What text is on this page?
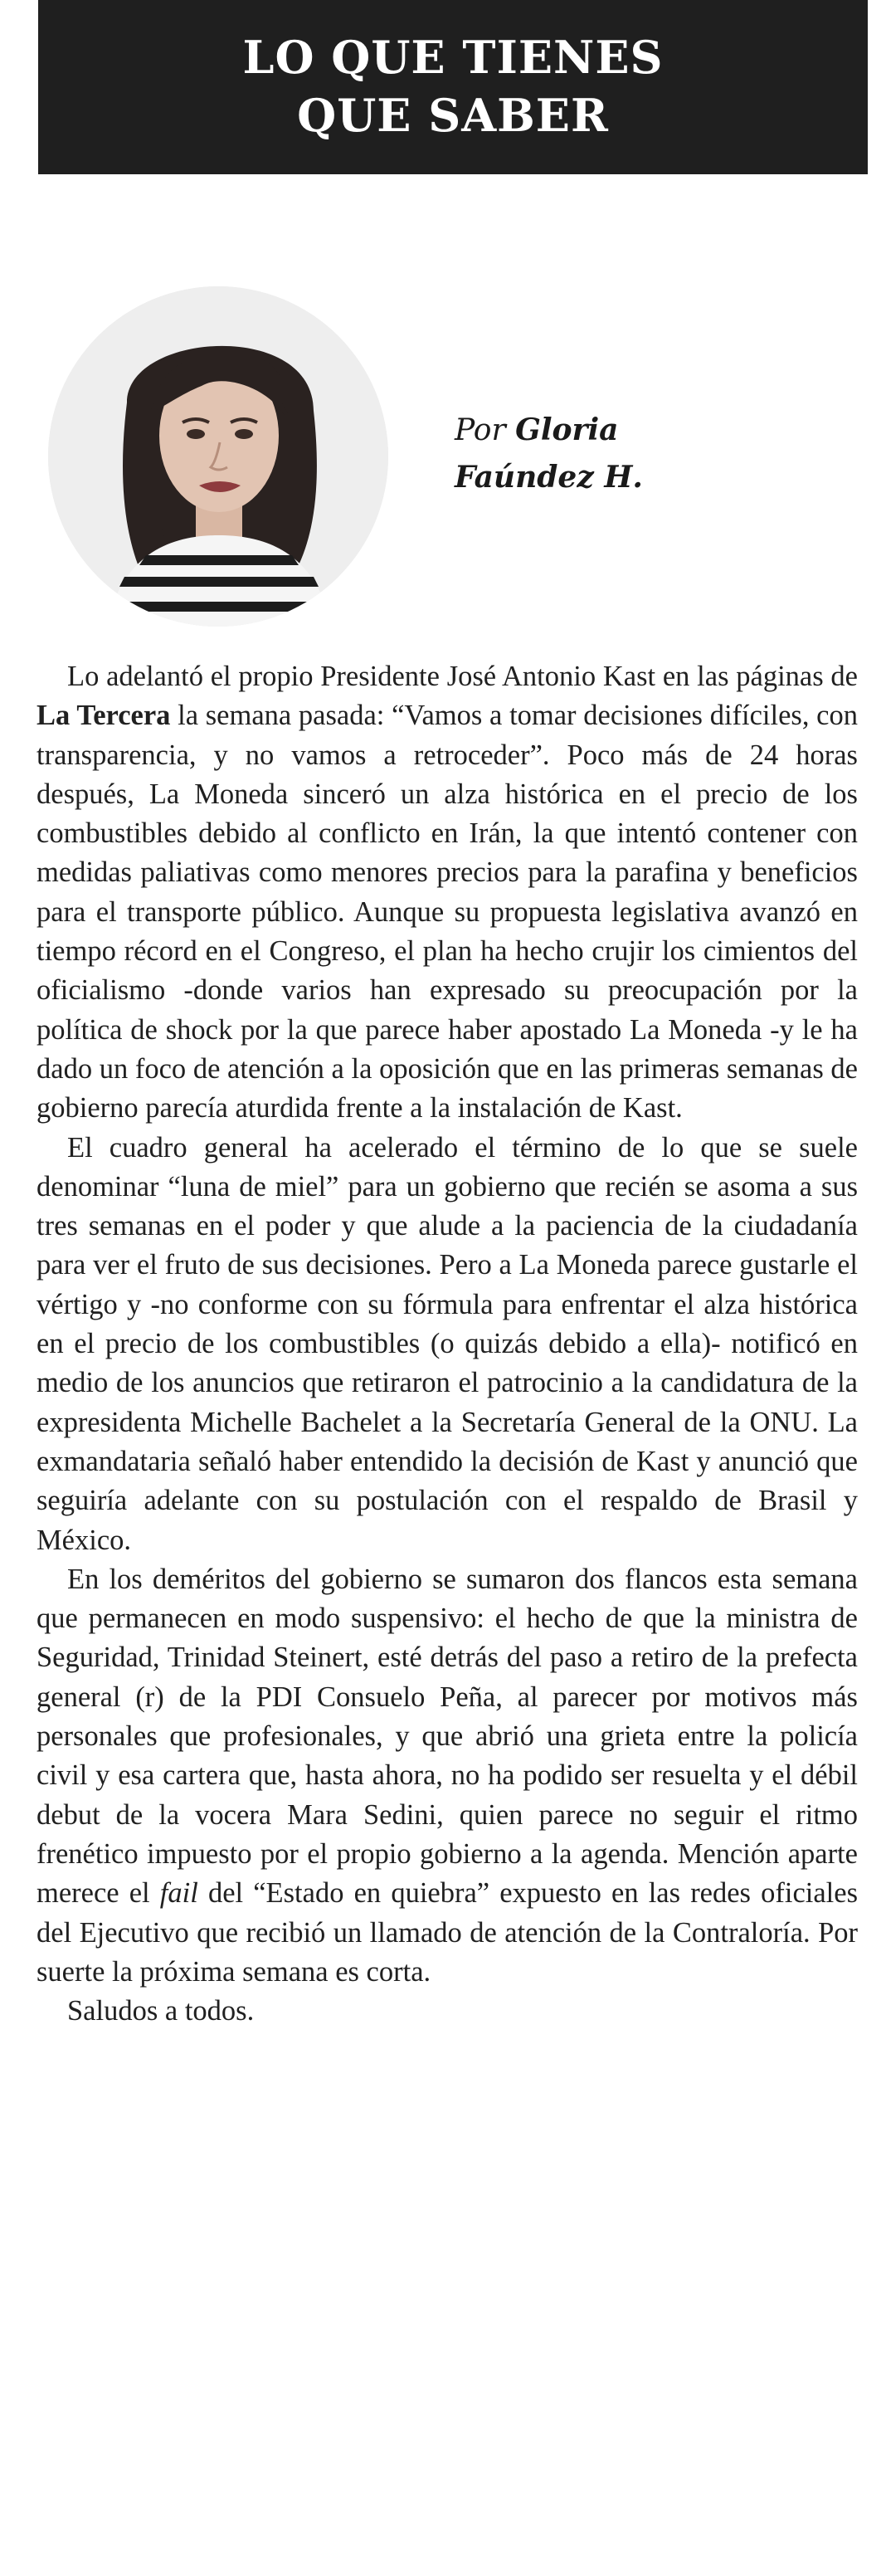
LO QUE TIENES
QUE SABER
Por Gloria
Faúndez H.

Lo adelantó el propio Presidente José Antonio Kast en las páginas de La Tercera la semana pasada: “Vamos a tomar decisiones difíciles, con transparencia, y no vamos a retroceder”. Poco más de 24 horas después, La Moneda sinceró un alza histórica en el precio de los combustibles debido al conflicto en Irán, la que intentó contener con medidas paliativas como menores precios para la parafina y beneficios para el transporte público. Aunque su propuesta legislativa avanzó en tiempo récord en el Congreso, el plan ha hecho crujir los cimientos del oficialismo -donde varios han expresado su preocupación por la política de shock por la que parece haber apostado La Moneda -y le ha dado un foco de atención a la oposición que en las primeras semanas de gobierno parecía aturdida frente a la instalación de Kast.

El cuadro general ha acelerado el término de lo que se suele denominar “luna de miel” para un gobierno que recién se asoma a sus tres semanas en el poder y que alude a la paciencia de la ciudadanía para ver el fruto de sus decisiones. Pero a La Moneda parece gustarle el vértigo y -no conforme con su fórmula para enfrentar el alza histórica en el precio de los combustibles (o quizás debido a ella)- notificó en medio de los anuncios que retiraron el patrocinio a la candidatura de la expresidenta Michelle Bachelet a la Secretaría General de la ONU. La exmandataria señaló haber entendido la decisión de Kast y anunció que seguiría adelante con su postulación con el respaldo de Brasil y México.

En los deméritos del gobierno se sumaron dos flancos esta semana que permanecen en modo suspensivo: el hecho de que la ministra de Seguridad, Trinidad Steinert, esté detrás del paso a retiro de la prefecta general (r) de la PDI Consuelo Peña, al parecer por motivos más personales que profesionales, y que abrió una grieta entre la policía civil y esa cartera que, hasta ahora, no ha podido ser resuelta y el débil debut de la vocera Mara Sedini, quien parece no seguir el ritmo frenético impuesto por el propio gobierno a la agenda. Mención aparte merece el fail del “Estado en quiebra” expuesto en las redes oficiales del Ejecutivo que recibió un llamado de atención de la Contraloría. Por suerte la próxima semana es corta.

Saludos a todos.
